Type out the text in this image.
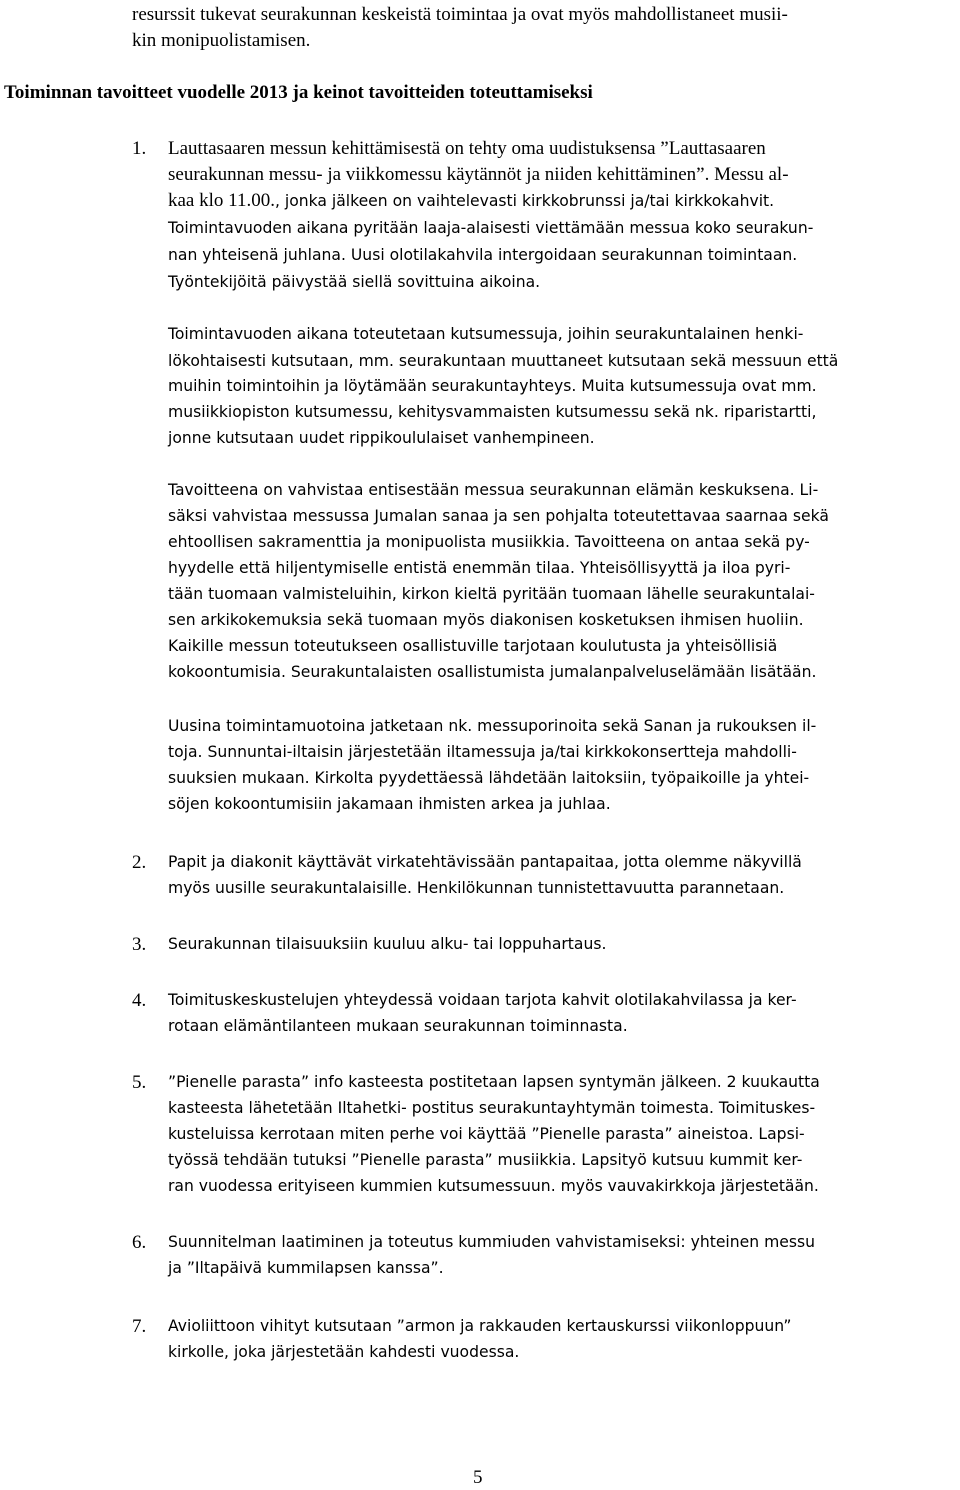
resurssit tukevat seurakunnan keskeistä toimintaa ja ovat myös mahdollistaneet musii-
kin monipuolistamisen.
Toiminnan tavoitteet vuodelle 2013 ja keinot tavoitteiden toteuttamiseksi
1. Lauttasaaren messun kehittämisestä on tehty oma uudistuksensa ”Lauttasaaren
seurakunnan messu- ja viikkomessu käytännöt ja niiden kehittäminen”. Messu al-
kaa klo 11.00., jonka jälkeen on vaihtelevasti kirkkobrunssi ja/tai kirkkokahvit.
Toimintavuoden aikana pyritään laaja-alaisesti viettämään messua koko seurakun-
nan yhteisenä juhlana. Uusi olotilakahvila intergoidaan seurakunnan toimintaan.
Työntekijöitä päivystää siellä sovittuina aikoina.
Toimintavuoden aikana toteutetaan kutsumessuja, joihin seurakuntalainen henki-
lökohtaisesti kutsutaan, mm. seurakuntaan muuttaneet kutsutaan sekä messuun että
muihin toimintoihin ja löytämään seurakuntayhteys. Muita kutsumessuja ovat mm.
musiikkiopiston kutsumessu, kehitysvammaisten kutsumessu sekä nk. riparistartti,
jonne kutsutaan uudet rippikoululaiset vanhempineen.
Tavoitteena on vahvistaa entisestään messua seurakunnan elämän keskuksena. Li-
säksi vahvistaa messussa Jumalan sanaa ja sen pohjalta toteutettavaa saarnaa sekä
ehtoollisen sakramenttia ja monipuolista musiikkia. Tavoitteena on antaa sekä py-
hyydelle että hiljentymiselle entistä enemmän tilaa. Yhteisöllisyyttä ja iloa pyri-
tään tuomaan valmisteluihin, kirkon kieltä pyritään tuomaan lähelle seurakuntalai-
sen arkikokemuksia sekä tuomaan myös diakonisen kosketuksen ihmisen huoliin.
Kaikille messun toteutukseen osallistuville tarjotaan koulutusta ja yhteisöllisiä
kokoontumisia. Seurakuntalaisten osallistumista jumalanpalveluselämään lisätään.
Uusina toimintamuotoina jatketaan nk. messuporinoita sekä Sanan ja rukouksen il-
toja. Sunnuntai-iltaisin järjestetään iltamessuja ja/tai kirkkokonsertteja mahdolli-
suuksien mukaan. Kirkolta pyydettäessä lähdetään laitoksiin, työpaikoille ja yhtei-
söjen kokoontumisiin jakamaan ihmisten arkea ja juhlaa.
2. Papit ja diakonit käyttävät virkatehtävissään pantapaitaa, jotta olemme näkyvillä
myös uusille seurakuntalaisille. Henkilökunnan tunnistettavuutta parannetaan.
3. Seurakunnan tilaisuuksiin kuuluu alku- tai loppuhartaus.
4. Toimituskeskustelujen yhteydessä voidaan tarjota kahvit olotilakahvilassa ja ker-
rotaan elämäntilanteen mukaan seurakunnan toiminnasta.
5. ”Pienelle parasta” info kasteesta postitetaan lapsen syntymän jälkeen. 2 kuukautta
kasteesta lähetetään Iltahetki- postitus seurakuntayhtymän toimesta. Toimituskes-
kusteluissa kerrotaan miten perhe voi käyttää ”Pienelle parasta” aineistoa. Lapsi-
työssä tehdään tutuksi ”Pienelle parasta” musiikkia. Lapsityö kutsuu kummit ker-
ran vuodessa erityiseen kummien kutsumessuun. myös vauvakirkkoja järjestetään.
6. Suunnitelman laatiminen ja toteutus kummiuden vahvistamiseksi: yhteinen messu
ja ”Iltapäivä kummilapsen kanssa”.
7. Avioliittoon vihityt kutsutaan ”armon ja rakkauden kertauskurssi viikonloppuun”
kirkolle, joka järjestetään kahdesti vuodessa.
5
